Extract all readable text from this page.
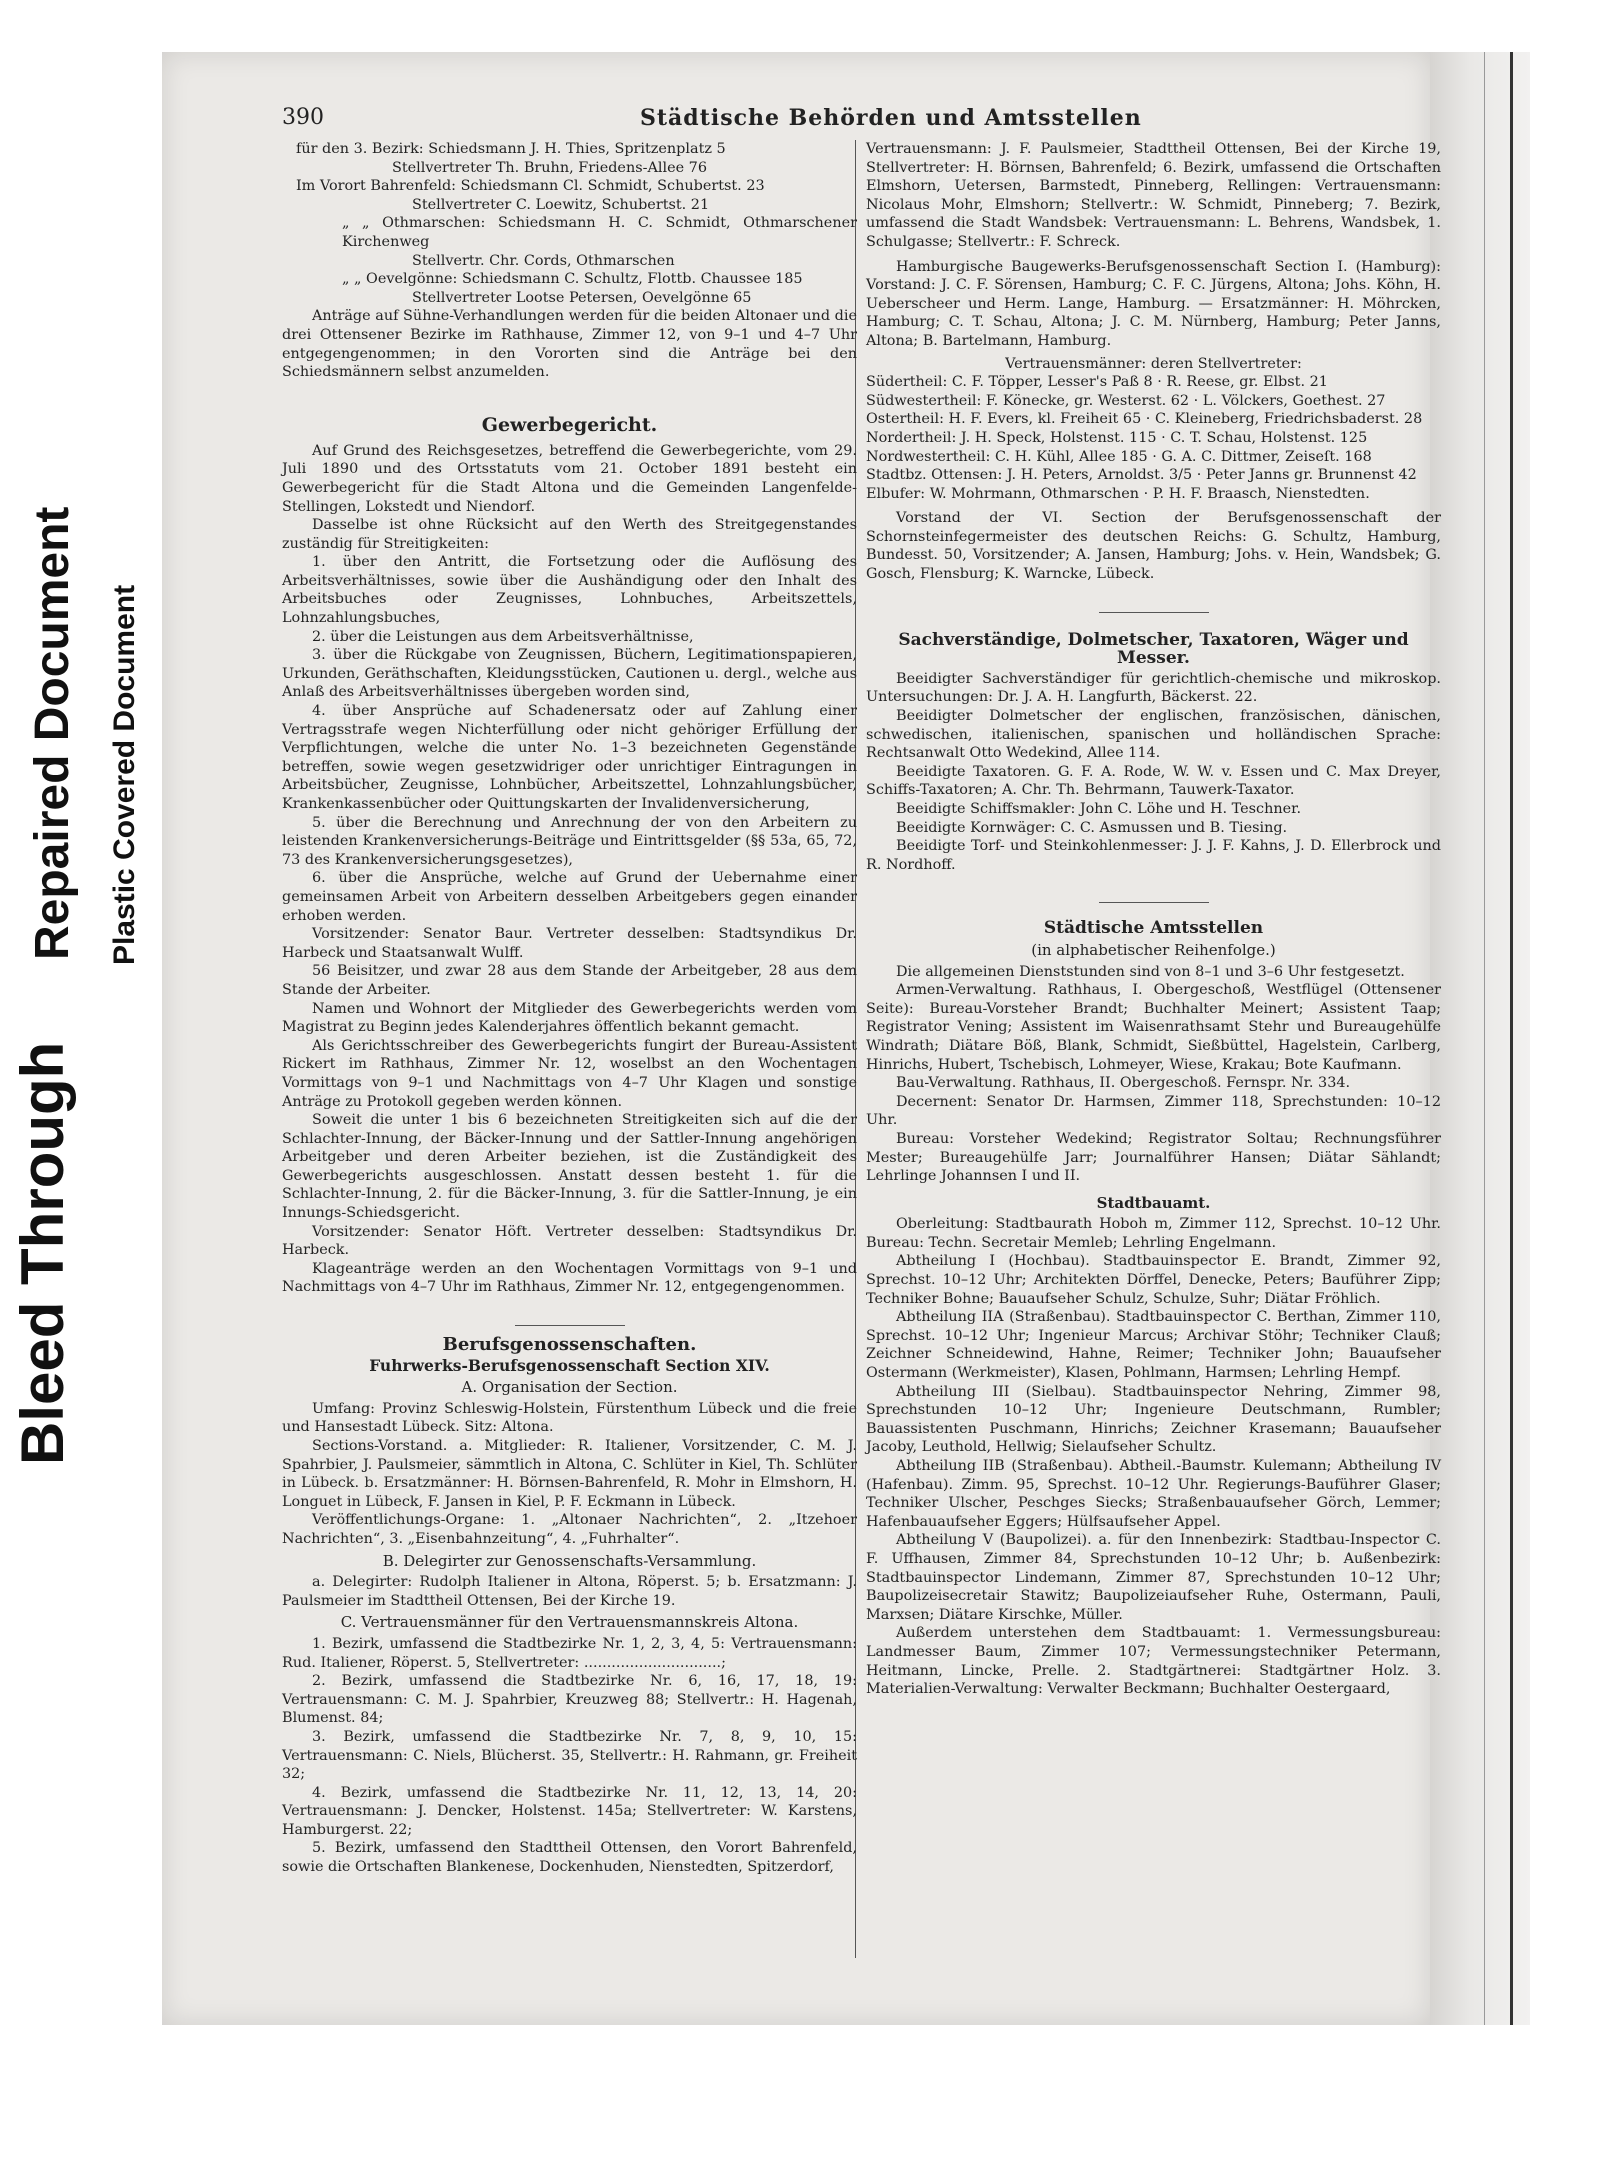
Bleed Through
Repaired Document Plastic Covered Document
390	Städtische Behörden und Amtsstellen

für den 3. Bezirk: Schiedsmann J. H. Thies, Spritzenplatz 5

Stellvertreter Th. Bruhn, Friedens-Allee 76

Im Vorort Bahrenfeld: Schiedsmann Cl. Schmidt, Schubertst. 23

Stellvertreter C. Loewitz, Schubertst. 21

„ „ Othmarschen: Schiedsmann H. C. Schmidt, Othmarschener Kirchenweg

Stellvertr. Chr. Cords, Othmarschen

„ „ Oevelgönne: Schiedsmann C. Schultz, Flottb. Chaussee 185

Stellvertreter Lootse Petersen, Oevelgönne 65

Anträge auf Sühne-Verhandlungen werden für die beiden Altonaer und die drei Ottensener Bezirke im Rathhause, Zimmer 12, von 9–1 und 4–7 Uhr entgegengenommen; in den Vororten sind die Anträge bei den Schiedsmännern selbst anzumelden.

Gewerbegericht.

Auf Grund des Reichsgesetzes, betreffend die Gewerbegerichte, vom 29. Juli 1890 und des Ortsstatuts vom 21. October 1891 besteht ein Gewerbegericht für die Stadt Altona und die Gemeinden Langenfelde-Stellingen, Lokstedt und Niendorf.

Dasselbe ist ohne Rücksicht auf den Werth des Streitgegenstandes zuständig für Streitigkeiten:

1. über den Antritt, die Fortsetzung oder die Auflösung des Arbeitsverhältnisses, sowie über die Aushändigung oder den Inhalt des Arbeitsbuches oder Zeugnisses, Lohnbuches, Arbeitszettels, Lohnzahlungsbuches,

2. über die Leistungen aus dem Arbeitsverhältnisse,

3. über die Rückgabe von Zeugnissen, Büchern, Legitimationspapieren, Urkunden, Geräthschaften, Kleidungsstücken, Cautionen u. dergl., welche aus Anlaß des Arbeitsverhältnisses übergeben worden sind,

4. über Ansprüche auf Schadenersatz oder auf Zahlung einer Vertragsstrafe wegen Nichterfüllung oder nicht gehöriger Erfüllung der Verpflichtungen, welche die unter No. 1–3 bezeichneten Gegenstände betreffen, sowie wegen gesetzwidriger oder unrichtiger Eintragungen in Arbeitsbücher, Zeugnisse, Lohnbücher, Arbeitszettel, Lohnzahlungsbücher, Krankenkassenbücher oder Quittungskarten der Invalidenversicherung,

5. über die Berechnung und Anrechnung der von den Arbeitern zu leistenden Krankenversicherungs-Beiträge und Eintrittsgelder (§§ 53a, 65, 72, 73 des Krankenversicherungsgesetzes),

6. über die Ansprüche, welche auf Grund der Uebernahme einer gemeinsamen Arbeit von Arbeitern desselben Arbeitgebers gegen einander erhoben werden.

Vorsitzender: Senator Baur. Vertreter desselben: Stadtsyndikus Dr. Harbeck und Staatsanwalt Wulff.

56 Beisitzer, und zwar 28 aus dem Stande der Arbeitgeber, 28 aus dem Stande der Arbeiter.

Namen und Wohnort der Mitglieder des Gewerbegerichts werden vom Magistrat zu Beginn jedes Kalenderjahres öffentlich bekannt gemacht.

Als Gerichtsschreiber des Gewerbegerichts fungirt der Bureau-Assistent Rickert im Rathhaus, Zimmer Nr. 12, woselbst an den Wochentagen Vormittags von 9–1 und Nachmittags von 4–7 Uhr Klagen und sonstige Anträge zu Protokoll gegeben werden können.

Soweit die unter 1 bis 6 bezeichneten Streitigkeiten sich auf die der Schlachter-Innung, der Bäcker-Innung und der Sattler-Innung angehörigen Arbeitgeber und deren Arbeiter beziehen, ist die Zuständigkeit des Gewerbegerichts ausgeschlossen. Anstatt dessen besteht 1. für die Schlachter-Innung, 2. für die Bäcker-Innung, 3. für die Sattler-Innung, je ein Innungs-Schiedsgericht.

Vorsitzender: Senator Höft. Vertreter desselben: Stadtsyndikus Dr. Harbeck.

Klageanträge werden an den Wochentagen Vormittags von 9–1 und Nachmittags von 4–7 Uhr im Rathhaus, Zimmer Nr. 12, entgegengenommen.

Berufsgenossenschaften.
Fuhrwerks-Berufsgenossenschaft Section XIV.
A. Organisation der Section.

Umfang: Provinz Schleswig-Holstein, Fürstenthum Lübeck und die freie und Hansestadt Lübeck. Sitz: Altona.

Sections-Vorstand. a. Mitglieder: R. Italiener, Vorsitzender, C. M. J. Spahrbier, J. Paulsmeier, sämmtlich in Altona, C. Schlüter in Kiel, Th. Schlüter in Lübeck. b. Ersatzmänner: H. Börnsen-Bahrenfeld, R. Mohr in Elmshorn, H. Longuet in Lübeck, F. Jansen in Kiel, P. F. Eckmann in Lübeck.

Veröffentlichungs-Organe: 1. „Altonaer Nachrichten“, 2. „Itzehoer Nachrichten“, 3. „Eisenbahnzeitung“, 4. „Fuhrhalter“.

B. Delegirter zur Genossenschafts-Versammlung.

a. Delegirter: Rudolph Italiener in Altona, Röperst. 5; b. Ersatzmann: J. Paulsmeier im Stadttheil Ottensen, Bei der Kirche 19.

C. Vertrauensmänner für den Vertrauensmannskreis Altona.

1. Bezirk, umfassend die Stadtbezirke Nr. 1, 2, 3, 4, 5: Vertrauensmann: Rud. Italiener, Röperst. 5, Stellvertreter: ..............................;

2. Bezirk, umfassend die Stadtbezirke Nr. 6, 16, 17, 18, 19: Vertrauensmann: C. M. J. Spahrbier, Kreuzweg 88; Stellvertr.: H. Hagenah, Blumenst. 84;

3. Bezirk, umfassend die Stadtbezirke Nr. 7, 8, 9, 10, 15: Vertrauensmann: C. Niels, Blücherst. 35, Stellvertr.: H. Rahmann, gr. Freiheit 32;

4. Bezirk, umfassend die Stadtbezirke Nr. 11, 12, 13, 14, 20: Vertrauensmann: J. Dencker, Holstenst. 145a; Stellvertreter: W. Karstens, Hamburgerst. 22;

5. Bezirk, umfassend den Stadttheil Ottensen, den Vorort Bahrenfeld, sowie die Ortschaften Blankenese, Dockenhuden, Nienstedten, Spitzerdorf,

Vertrauensmann: J. F. Paulsmeier, Stadttheil Ottensen, Bei der Kirche 19, Stellvertreter: H. Börnsen, Bahrenfeld; 6. Bezirk, umfassend die Ortschaften Elmshorn, Uetersen, Barmstedt, Pinneberg, Rellingen: Vertrauensmann: Nicolaus Mohr, Elmshorn; Stellvertr.: W. Schmidt, Pinneberg; 7. Bezirk, umfassend die Stadt Wandsbek: Vertrauensmann: L. Behrens, Wandsbek, 1. Schulgasse; Stellvertr.: F. Schreck.

Hamburgische Baugewerks-Berufsgenossenschaft Section I. (Hamburg): Vorstand: J. C. F. Sörensen, Hamburg; C. F. C. Jürgens, Altona; Johs. Köhn, H. Ueberscheer und Herm. Lange, Hamburg. — Ersatzmänner: H. Möhrcken, Hamburg; C. T. Schau, Altona; J. C. M. Nürnberg, Hamburg; Peter Janns, Altona; B. Bartelmann, Hamburg.

Vertrauensmänner: deren Stellvertreter:

Südertheil: C. F. Töpper, Lesser's Paß 8 · R. Reese, gr. Elbst. 21

Südwestertheil: F. Könecke, gr. Westerst. 62 · L. Völckers, Goethest. 27

Ostertheil: H. F. Evers, kl. Freiheit 65 · C. Kleineberg, Friedrichsbaderst. 28

Nordertheil: J. H. Speck, Holstenst. 115 · C. T. Schau, Holstenst. 125

Nordwestertheil: C. H. Kühl, Allee 185 · G. A. C. Dittmer, Zeiseſt. 168

Stadtbz. Ottensen: J. H. Peters, Arnoldst. 3/5 · Peter Janns gr. Brunnenst 42

Elbufer: W. Mohrmann, Othmarschen · P. H. F. Braasch, Nienstedten.

Vorstand der VI. Section der Berufsgenossenschaft der Schornsteinfegermeister des deutschen Reichs: G. Schultz, Hamburg, Bundesst. 50, Vorsitzender; A. Jansen, Hamburg; Johs. v. Hein, Wandsbek; G. Gosch, Flensburg; K. Warncke, Lübeck.

Sachverständige, Dolmetscher, Taxatoren, Wäger und Messer.

Beeidigter Sachverständiger für gerichtlich-chemische und mikroskop. Untersuchungen: Dr. J. A. H. Langfurth, Bäckerst. 22.

Beeidigter Dolmetscher der englischen, französischen, dänischen, schwedischen, italienischen, spanischen und holländischen Sprache: Rechtsanwalt Otto Wedekind, Allee 114.

Beeidigte Taxatoren. G. F. A. Rode, W. W. v. Essen und C. Max Dreyer, Schiffs-Taxatoren; A. Chr. Th. Behrmann, Tauwerk-Taxator.

Beeidigte Schiffsmakler: John C. Löhe und H. Teschner.

Beeidigte Kornwäger: C. C. Asmussen und B. Tiesing.

Beeidigte Torf- und Steinkohlenmesser: J. J. F. Kahns, J. D. Ellerbrock und R. Nordhoff.

Städtische Amtsstellen
(in alphabetischer Reihenfolge.)

Die allgemeinen Dienststunden sind von 8–1 und 3–6 Uhr festgesetzt.

Armen-Verwaltung. Rathhaus, I. Obergeschoß, Westflügel (Ottensener Seite): Bureau-Vorsteher Brandt; Buchhalter Meinert; Assistent Taap; Registrator Vening; Assistent im Waisenrathsamt Stehr und Bureaugehülfe Windrath; Diätare Böß, Blank, Schmidt, Sießbüttel, Hagelstein, Carlberg, Hinrichs, Hubert, Tschebisch, Lohmeyer, Wiese, Krakau; Bote Kaufmann.

Bau-Verwaltung. Rathhaus, II. Obergeschoß. Fernspr. Nr. 334.

Decernent: Senator Dr. Harmsen, Zimmer 118, Sprechstunden: 10–12 Uhr.

Bureau: Vorsteher Wedekind; Registrator Soltau; Rechnungsführer Mester; Bureaugehülfe Jarr; Journalführer Hansen; Diätar Sählandt; Lehrlinge Johannsen I und II.

Stadtbauamt.

Oberleitung: Stadtbaurath Hoboh m, Zimmer 112, Sprechst. 10–12 Uhr. Bureau: Techn. Secretair Memleb; Lehrling Engelmann.

Abtheilung I (Hochbau). Stadtbauinspector E. Brandt, Zimmer 92, Sprechst. 10–12 Uhr; Architekten Dörffel, Denecke, Peters; Bauführer Zipp; Techniker Bohne; Bauaufseher Schulz, Schulze, Suhr; Diätar Fröhlich.

Abtheilung IIA (Straßenbau). Stadtbauinspector C. Berthan, Zimmer 110, Sprechst. 10–12 Uhr; Ingenieur Marcus; Archivar Stöhr; Techniker Clauß; Zeichner Schneidewind, Hahne, Reimer; Techniker John; Bauaufseher Ostermann (Werkmeister), Klasen, Pohlmann, Harmsen; Lehrling Hempf.

Abtheilung III (Sielbau). Stadtbauinspector Nehring, Zimmer 98, Sprechstunden 10–12 Uhr; Ingenieure Deutschmann, Rumbler; Bauassistenten Puschmann, Hinrichs; Zeichner Krasemann; Bauaufseher Jacoby, Leuthold, Hellwig; Sielaufseher Schultz.

Abtheilung IIB (Straßenbau). Abtheil.-Baumstr. Kulemann; Abtheilung IV (Hafenbau). Zimm. 95, Sprechst. 10–12 Uhr. Regierungs-Bauführer Glaser; Techniker Ulscher, Peschges Siecks; Straßenbauaufseher Görch, Lemmer; Hafenbauaufseher Eggers; Hülfsaufseher Appel.

Abtheilung V (Baupolizei). a. für den Innenbezirk: Stadtbau-Inspector C. F. Uffhausen, Zimmer 84, Sprechstunden 10–12 Uhr; b. Außenbezirk: Stadtbauinspector Lindemann, Zimmer 87, Sprechstunden 10–12 Uhr; Baupolizeisecretair Stawitz; Baupolizeiaufseher Ruhe, Ostermann, Pauli, Marxsen; Diätare Kirschke, Müller.

Außerdem unterstehen dem Stadtbauamt: 1. Vermessungsbureau: Landmesser Baum, Zimmer 107; Vermessungstechniker Petermann, Heitmann, Lincke, Prelle. 2. Stadtgärtnerei: Stadtgärtner Holz. 3. Materialien-Verwaltung: Verwalter Beckmann; Buchhalter Oestergaard,
